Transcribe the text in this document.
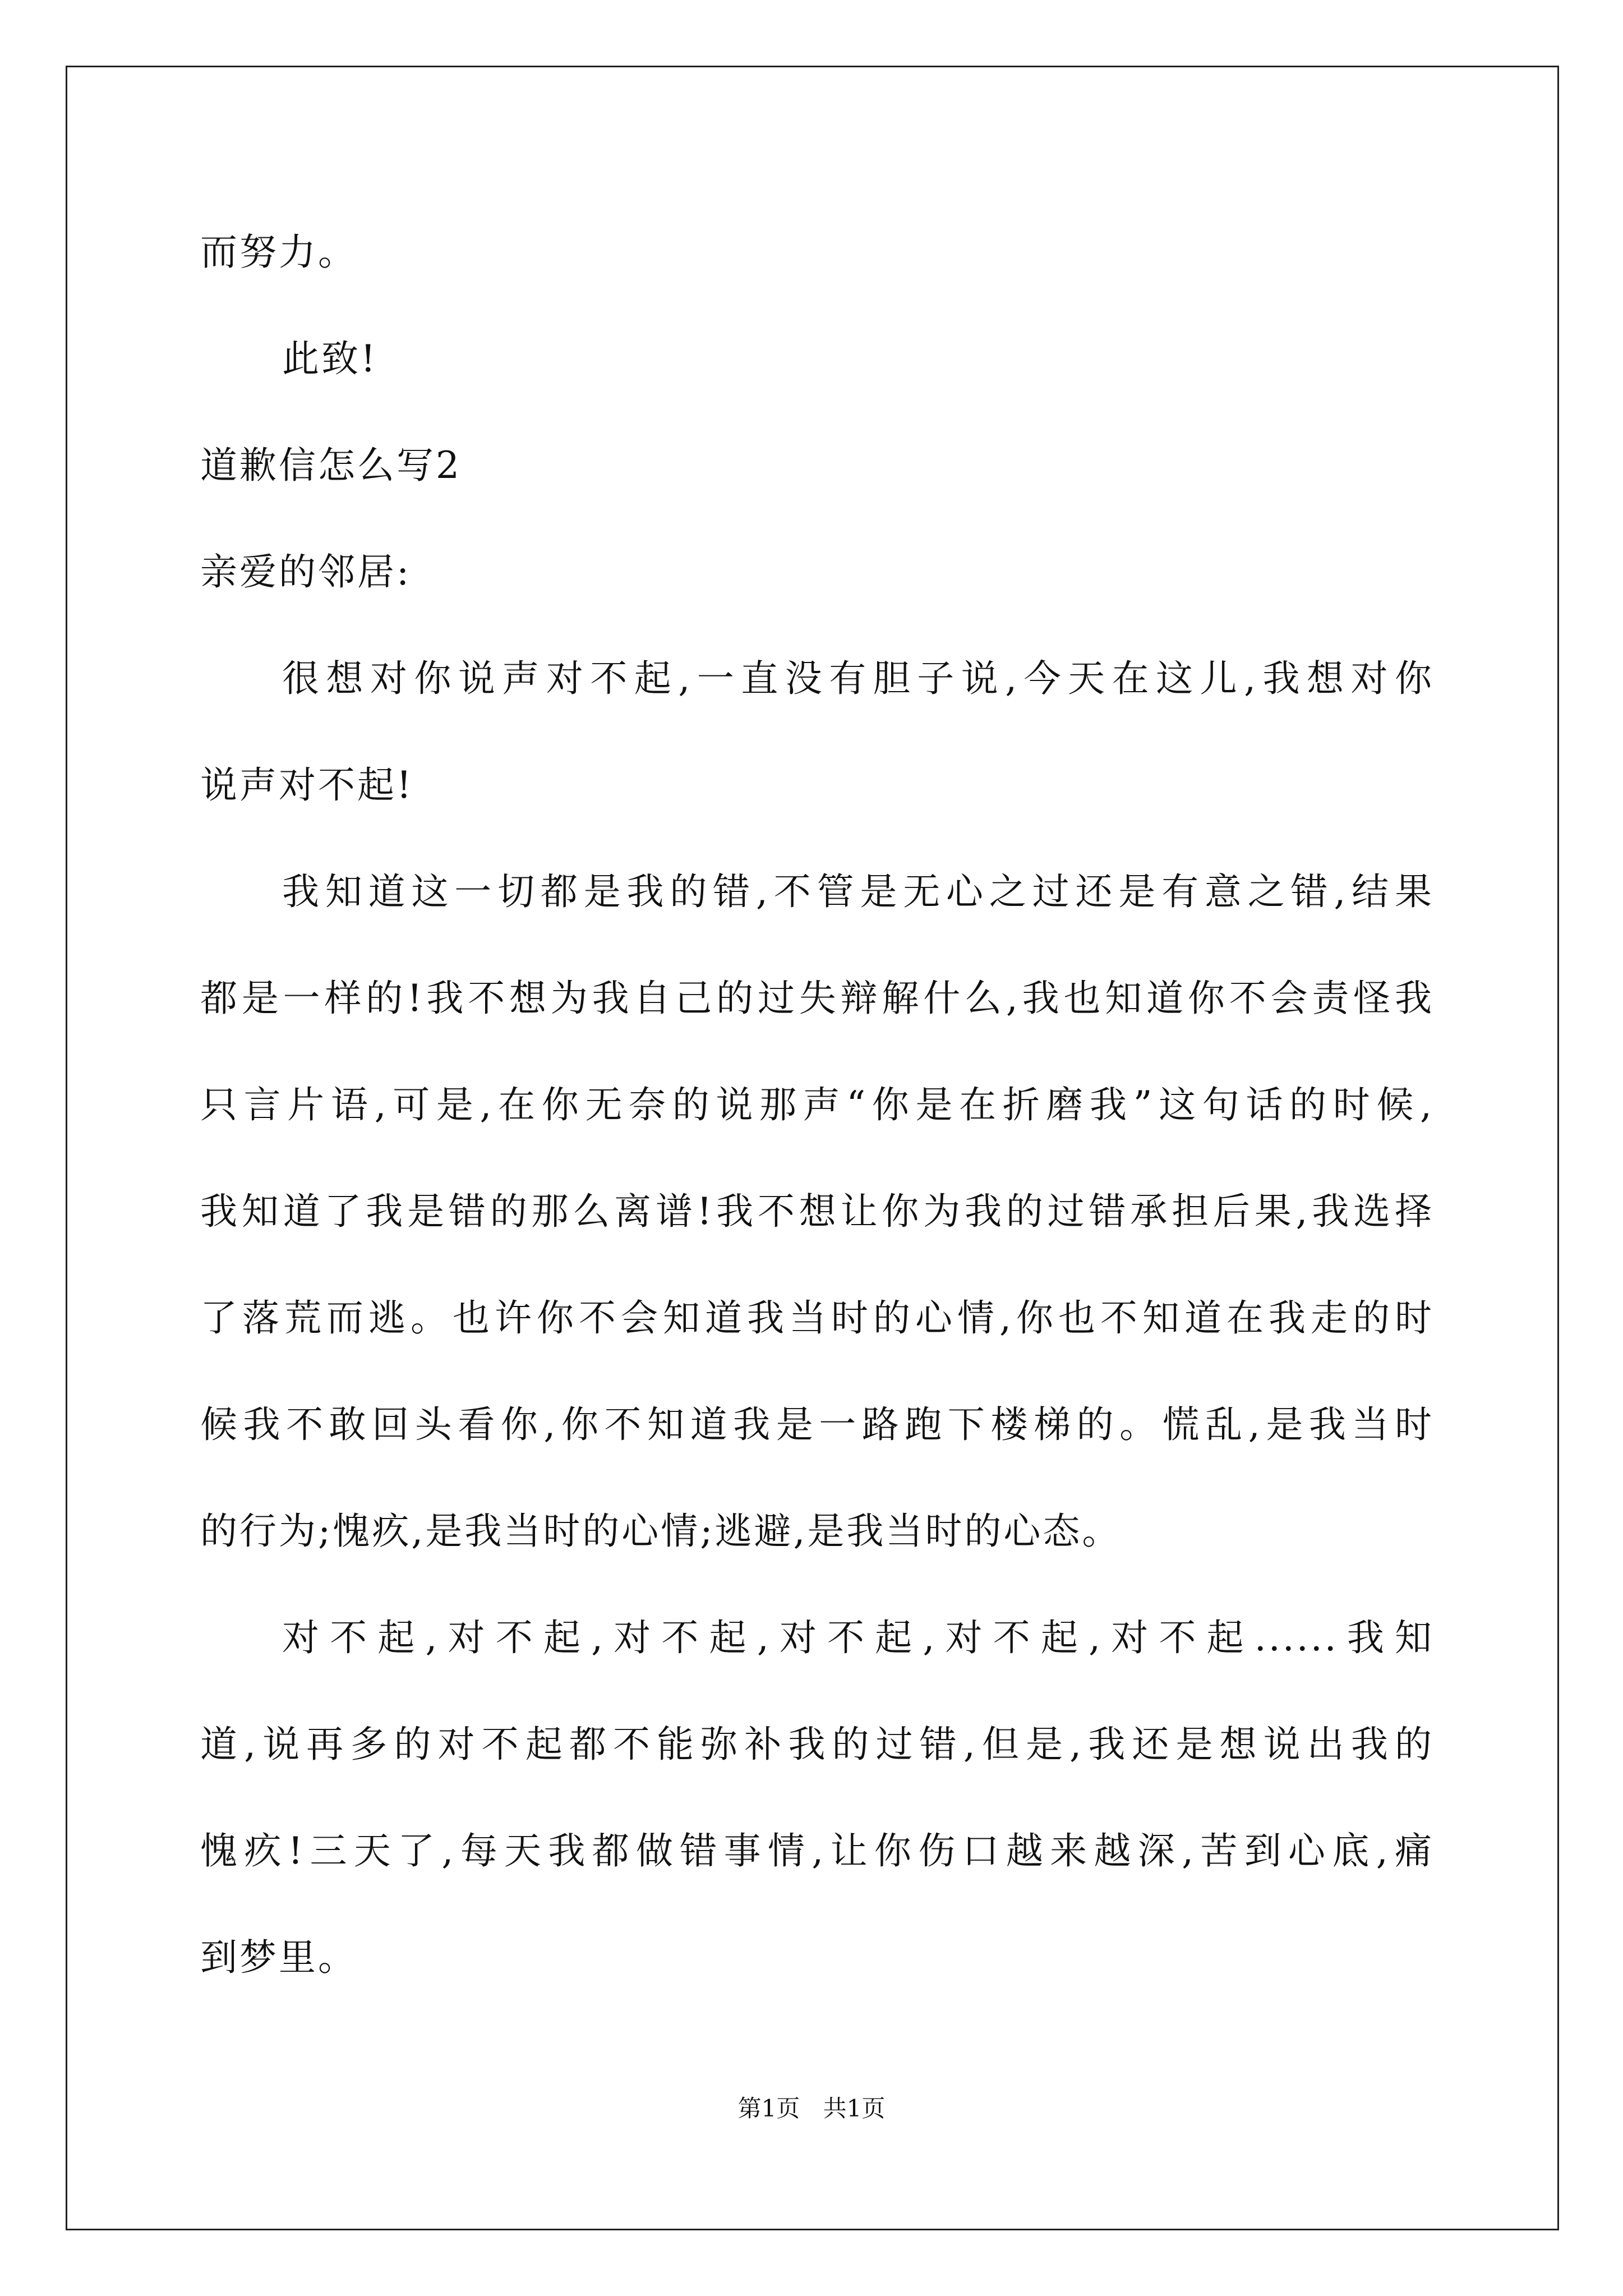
而努力。
此致!
道歉信怎么写2
亲爱的邻居:
很想对你说声对不起,一直没有胆子说,今天在这儿,我想对你
说声对不起!
我知道这一切都是我的错,不管是无心之过还是有意之错,结果
都是一样的!我不想为我自己的过失辩解什么,我也知道你不会责怪我
只言片语,可是,在你无奈的说那声“你是在折磨我”这句话的时候,
我知道了我是错的那么离谱!我不想让你为我的过错承担后果,我选择
了落荒而逃。也许你不会知道我当时的心情,你也不知道在我走的时
候我不敢回头看你,你不知道我是一路跑下楼梯的。慌乱,是我当时
的行为;愧疚,是我当时的心情;逃避,是我当时的心态。
对不起,对不起,对不起,对不起,对不起,对不起......我知
道,说再多的对不起都不能弥补我的过错,但是,我还是想说出我的
愧疚!三天了,每天我都做错事情,让你伤口越来越深,苦到心底,痛
到梦里。
第1页 共1页
